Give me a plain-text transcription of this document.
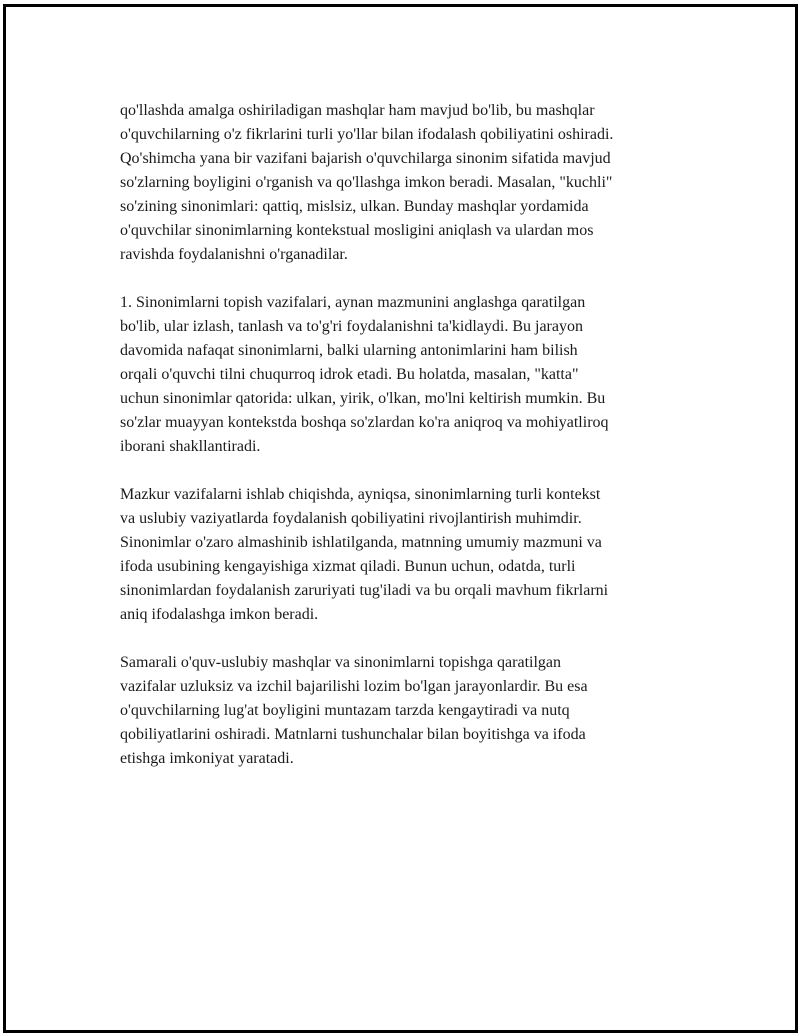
qo'llashda amalga oshiriladigan mashqlar ham mavjud bo'lib, bu mashqlar
o'quvchilarning o'z fikrlarini turli yo'llar bilan ifodalash qobiliyatini oshiradi.
Qo'shimcha yana bir vazifani bajarish o'quvchilarga sinonim sifatida mavjud
so'zlarning boyligini o'rganish va qo'llashga imkon beradi. Masalan, "kuchli"
so'zining sinonimlari: qattiq, mislsiz, ulkan. Bunday mashqlar yordamida
o'quvchilar sinonimlarning kontekstual mosligini aniqlash va ulardan mos
ravishda foydalanishni o'rganadilar.

1. Sinonimlarni topish vazifalari, aynan mazmunini anglashga qaratilgan
bo'lib, ular izlash, tanlash va to'g'ri foydalanishni ta'kidlaydi. Bu jarayon
davomida nafaqat sinonimlarni, balki ularning antonimlarini ham bilish
orqali o'quvchi tilni chuqurroq idrok etadi. Bu holatda, masalan, "katta"
uchun sinonimlar qatorida: ulkan, yirik, o'lkan, mo'lni keltirish mumkin. Bu
so'zlar muayyan kontekstda boshqa so'zlardan ko'ra aniqroq va mohiyatliroq
iborani shakllantiradi.

Mazkur vazifalarni ishlab chiqishda, ayniqsa, sinonimlarning turli kontekst
va uslubiy vaziyatlarda foydalanish qobiliyatini rivojlantirish muhimdir.
Sinonimlar o'zaro almashinib ishlatilganda, matnning umumiy mazmuni va
ifoda usubining kengayishiga xizmat qiladi. Bunun uchun, odatda, turli
sinonimlardan foydalanish zaruriyati tug'iladi va bu orqali mavhum fikrlarni
aniq ifodalashga imkon beradi.

Samarali o'quv-uslubiy mashqlar va sinonimlarni topishga qaratilgan
vazifalar uzluksiz va izchil bajarilishi lozim bo'lgan jarayonlardir. Bu esa
o'quvchilarning lug'at boyligini muntazam tarzda kengaytiradi va nutq
qobiliyatlarini oshiradi. Matnlarni tushunchalar bilan boyitishga va ifoda
etishga imkoniyat yaratadi.
